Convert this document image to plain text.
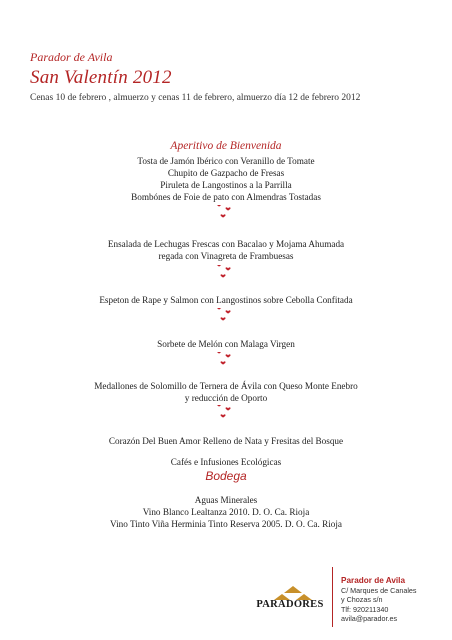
Parador de Avila
San Valentín 2012
Cenas 10 de febrero , almuerzo y cenas 11 de febrero, almuerzo día 12 de febrero 2012
Aperitivo de Bienvenida
Tosta de Jamón Ibérico con Veranillo de Tomate
Chupito de Gazpacho de Fresas
Piruleta de Langostinos a la Parrilla
Bombónes de Foie de pato con Almendras Tostadas
Ensalada de Lechugas Frescas con Bacalao y Mojama Ahumada
regada con Vinagreta de Frambuesas
Espeton de Rape y Salmon con Langostinos sobre Cebolla Confitada
Sorbete de Melón con Malaga Virgen
Medallones de Solomillo de Ternera de Ávila con Queso Monte Enebro
y reducción de Oporto
Corazón Del Buen Amor Relleno de Nata y Fresitas del Bosque
Cafés e Infusiones Ecológicas
Bodega
Aguas Minerales
Vino Blanco Lealtanza 2010. D. O. Ca. Rioja
Vino Tinto Viña Herminia Tinto Reserva 2005. D. O. Ca. Rioja
PARADORES
Parador de Avila
C/ Marques de Canales
y Chozas s/n
Tlf: 920211340
avila@parador.es
